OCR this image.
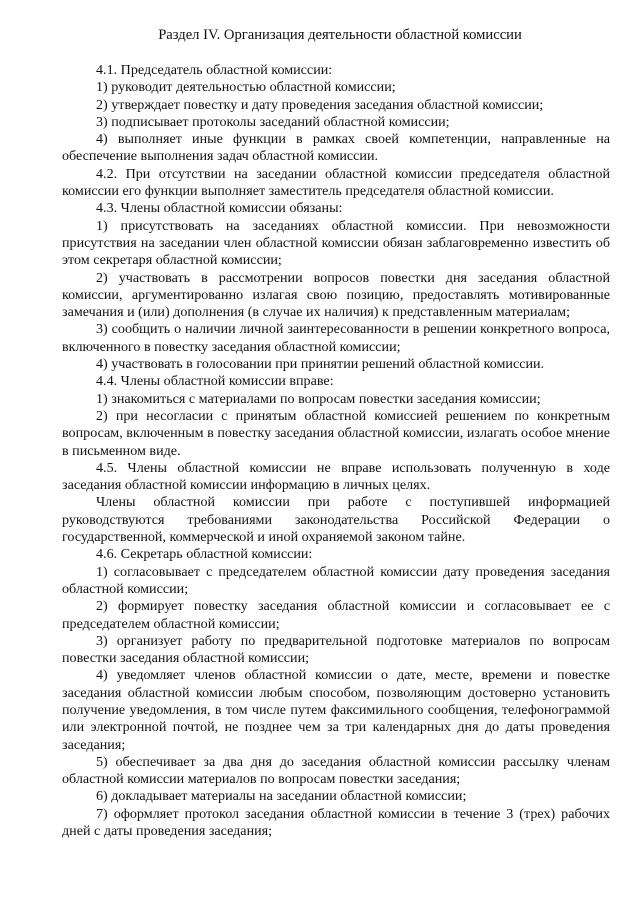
Раздел IV. Организация деятельности областной комиссии

4.1. Председатель областной комиссии:

1) руководит деятельностью областной комиссии;

2) утверждает повестку и дату проведения заседания областной комиссии;

3) подписывает протоколы заседаний областной комиссии;

4) выполняет иные функции в рамках своей компетенции, направленные на обеспечение выполнения задач областной комиссии.

4.2. При отсутствии на заседании областной комиссии председателя областной комиссии его функции выполняет заместитель председателя областной комиссии.

4.3. Члены областной комиссии обязаны:

1) присутствовать на заседаниях областной комиссии. При невозможности присутствия на заседании член областной комиссии обязан заблаговременно известить об этом секретаря областной комиссии;

2) участвовать в рассмотрении вопросов повестки дня заседания областной комиссии, аргументированно излагая свою позицию, предоставлять мотивированные замечания и (или) дополнения (в случае их наличия) к представленным материалам;

3) сообщить о наличии личной заинтересованности в решении конкретного вопроса, включенного в повестку заседания областной комиссии;

4) участвовать в голосовании при принятии решений областной комиссии.

4.4. Члены областной комиссии вправе:

1) знакомиться с материалами по вопросам повестки заседания комиссии;

2) при несогласии с принятым областной комиссией решением по конкретным вопросам, включенным в повестку заседания областной комиссии, излагать особое мнение в письменном виде.

4.5. Члены областной комиссии не вправе использовать полученную в ходе заседания областной комиссии информацию в личных целях.

Члены областной комиссии при работе с поступившей информацией руководствуются требованиями законодательства Российской Федерации о государственной, коммерческой и иной охраняемой законом тайне.

4.6. Секретарь областной комиссии:

1) согласовывает с председателем областной комиссии дату проведения заседания областной комиссии;

2) формирует повестку заседания областной комиссии и согласовывает ее с председателем областной комиссии;

3) организует работу по предварительной подготовке материалов по вопросам повестки заседания областной комиссии;

4) уведомляет членов областной комиссии о дате, месте, времени и повестке заседания областной комиссии любым способом, позволяющим достоверно установить получение уведомления, в том числе путем факсимильного сообщения, телефонограммой или электронной почтой, не позднее чем за три календарных дня до даты проведения заседания;

5) обеспечивает за два дня до заседания областной комиссии рассылку членам областной комиссии материалов по вопросам повестки заседания;

6) докладывает материалы на заседании областной комиссии;

7) оформляет протокол заседания областной комиссии в течение 3 (трех) рабочих дней с даты проведения заседания;
